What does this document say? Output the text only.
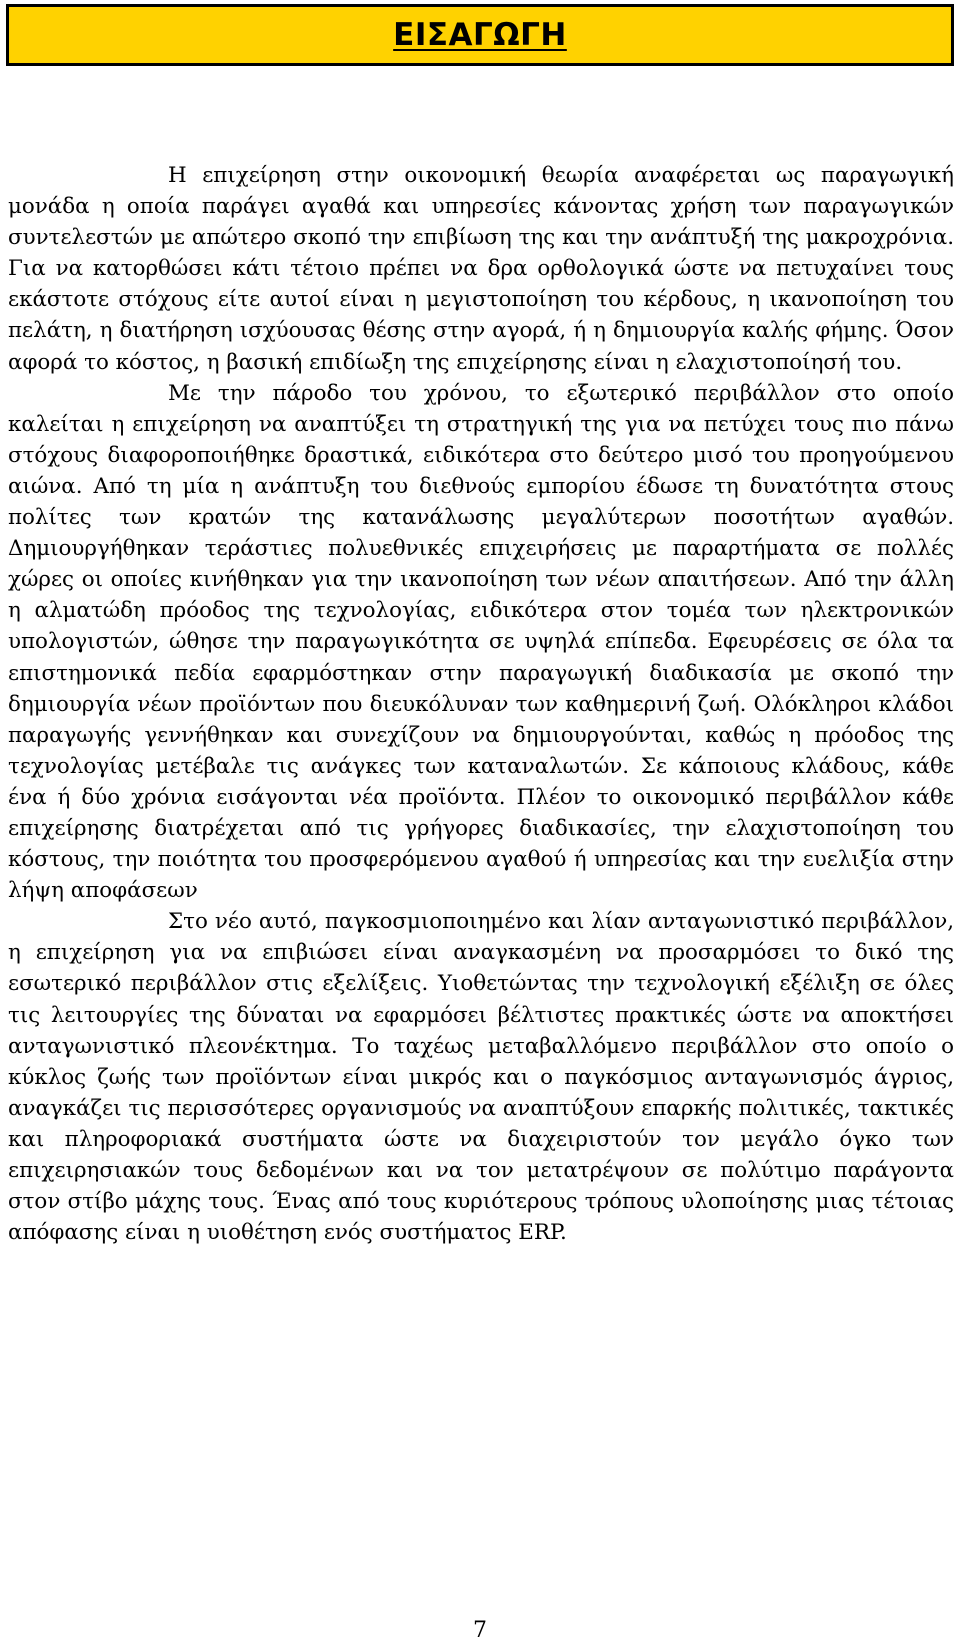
ΕΙΣΑΓΩΓΗ

Η επιχείρηση στην οικονομική θεωρία αναφέρεται ως παραγωγική μονάδα η οποία παράγει αγαθά και υπηρεσίες κάνοντας χρήση των παραγωγικών συντελεστών με απώτερο σκοπό την επιβίωση της και την ανάπτυξή της μακροχρόνια. Για να κατορθώσει κάτι τέτοιο πρέπει να δρα ορθολογικά ώστε να πετυχαίνει τους εκάστοτε στόχους είτε αυτοί είναι η μεγιστοποίηση του κέρδους, η ικανοποίηση του πελάτη, η διατήρηση ισχύουσας θέσης στην αγορά, ή η δημιουργία καλής φήμης. Όσον αφορά το κόστος, η βασική επιδίωξη της επιχείρησης είναι η ελαχιστοποίησή του.

Με την πάροδο του χρόνου, το εξωτερικό περιβάλλον στο οποίο καλείται η επιχείρηση να αναπτύξει τη στρατηγική της για να πετύχει τους πιο πάνω στόχους διαφοροποιήθηκε δραστικά, ειδικότερα στο δεύτερο μισό του προηγούμενου αιώνα. Από τη μία η ανάπτυξη του διεθνούς εμπορίου έδωσε τη δυνατότητα στους πολίτες των κρατών της κατανάλωσης μεγαλύτερων ποσοτήτων αγαθών. Δημιουργήθηκαν τεράστιες πολυεθνικές επιχειρήσεις με παραρτήματα σε πολλές χώρες οι οποίες κινήθηκαν για την ικανοποίηση των νέων απαιτήσεων. Από την άλλη η αλματώδη πρόοδος της τεχνολογίας, ειδικότερα στον τομέα των ηλεκτρονικών υπολογιστών, ώθησε την παραγωγικότητα σε υψηλά επίπεδα. Εφευρέσεις σε όλα τα επιστημονικά πεδία εφαρμόστηκαν στην παραγωγική διαδικασία με σκοπό την δημιουργία νέων προϊόντων που διευκόλυναν των καθημερινή ζωή. Ολόκληροι κλάδοι παραγωγής γεννήθηκαν και συνεχίζουν να δημιουργούνται, καθώς η πρόοδος της τεχνολογίας μετέβαλε τις ανάγκες των καταναλωτών. Σε κάποιους κλάδους, κάθε ένα ή δύο χρόνια εισάγονται νέα προϊόντα. Πλέον το οικονομικό περιβάλλον κάθε επιχείρησης διατρέχεται από τις γρήγορες διαδικασίες, την ελαχιστοποίηση του κόστους, την ποιότητα του προσφερόμενου αγαθού ή υπηρεσίας και την ευελιξία στην λήψη αποφάσεων

Στο νέο αυτό, παγκοσμιοποιημένο και λίαν ανταγωνιστικό περιβάλλον, η επιχείρηση για να επιβιώσει είναι αναγκασμένη να προσαρμόσει το δικό της εσωτερικό περιβάλλον στις εξελίξεις. Υιοθετώντας την τεχνολογική εξέλιξη σε όλες τις λειτουργίες της δύναται να εφαρμόσει βέλτιστες πρακτικές ώστε να αποκτήσει ανταγωνιστικό πλεονέκτημα. Το ταχέως μεταβαλλόμενο περιβάλλον στο οποίο ο κύκλος ζωής των προϊόντων είναι μικρός και ο παγκόσμιος ανταγωνισμός άγριος, αναγκάζει τις περισσότερες οργανισμούς να αναπτύξουν επαρκής πολιτικές, τακτικές και πληροφοριακά συστήματα ώστε να διαχειριστούν τον μεγάλο όγκο των επιχειρησιακών τους δεδομένων και να τον μετατρέψουν σε πολύτιμο παράγοντα στον στίβο μάχης τους. Ένας από τους κυριότερους τρόπους υλοποίησης μιας τέτοιας απόφασης είναι η υιοθέτηση ενός συστήματος ERP.

7
